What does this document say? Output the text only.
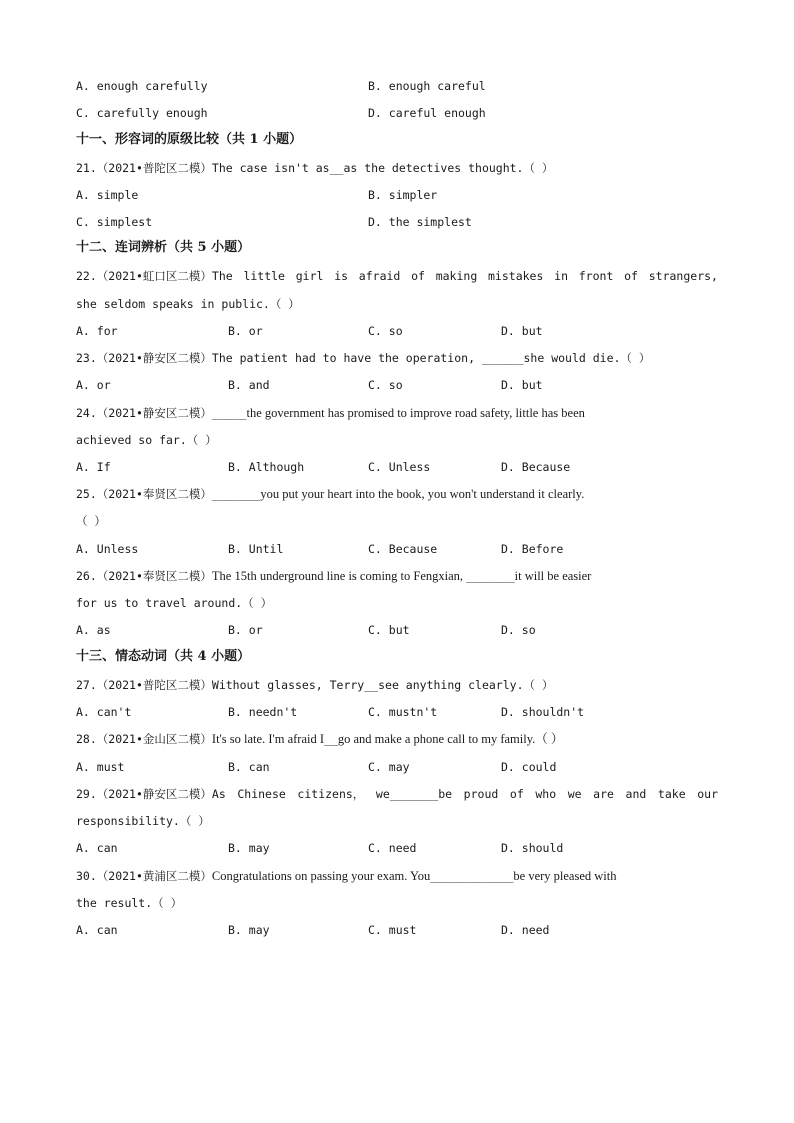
A. enough carefully	B. enough careful
C. carefully enough	D. careful enough
十一、形容词的原级比较（共 1 小题）
21.（2021•普陀区二模）The case isn't as__as the detectives thought.（ ）
A. simple	B. simpler
C. simplest	D. the simplest
十二、连词辨析（共 5 小题）
22.（2021•虹口区二模）The little girl is afraid of making mistakes in front of strangers,
she seldom speaks in public.（ ）
A. for	B. or	C. so	D. but
23.（2021•静安区二模）The patient had to have the operation, ______she would die.（ ）
A. or	B. and	C. so	D. but
24.（2021•静安区二模）_____the government has promised to improve road safety, little has been
achieved so far.（ ）
A. If	B. Although	C. Unless	D. Because
25.（2021•奉贤区二模）_______you put your heart into the book, you won't understand it clearly.
（ ）
A. Unless	B. Until	C. Because	D. Before
26.（2021•奉贤区二模）The 15th underground line is coming to Fengxian, _______it will be easier
for us to travel around.（ ）
A. as	B. or	C. but	D. so
十三、情态动词（共 4 小题）
27.（2021•普陀区二模）Without glasses, Terry__see anything clearly.（ ）
A. can't	B. needn't	C. mustn't	D. shouldn't
28.（2021•金山区二模）It's so late. I'm afraid I__go and make a phone call to my family.（ ）
A. must	B. can	C. may	D. could
29.（2021•静安区二模）As Chinese citizens， we_______be proud of who we are and take our
responsibility.（ ）
A. can	B. may	C. need	D. should
30.（2021•黄浦区二模）Congratulations on passing your exam. You____________be very pleased with
the result.（ ）
A. can	B. may	C. must	D. need
